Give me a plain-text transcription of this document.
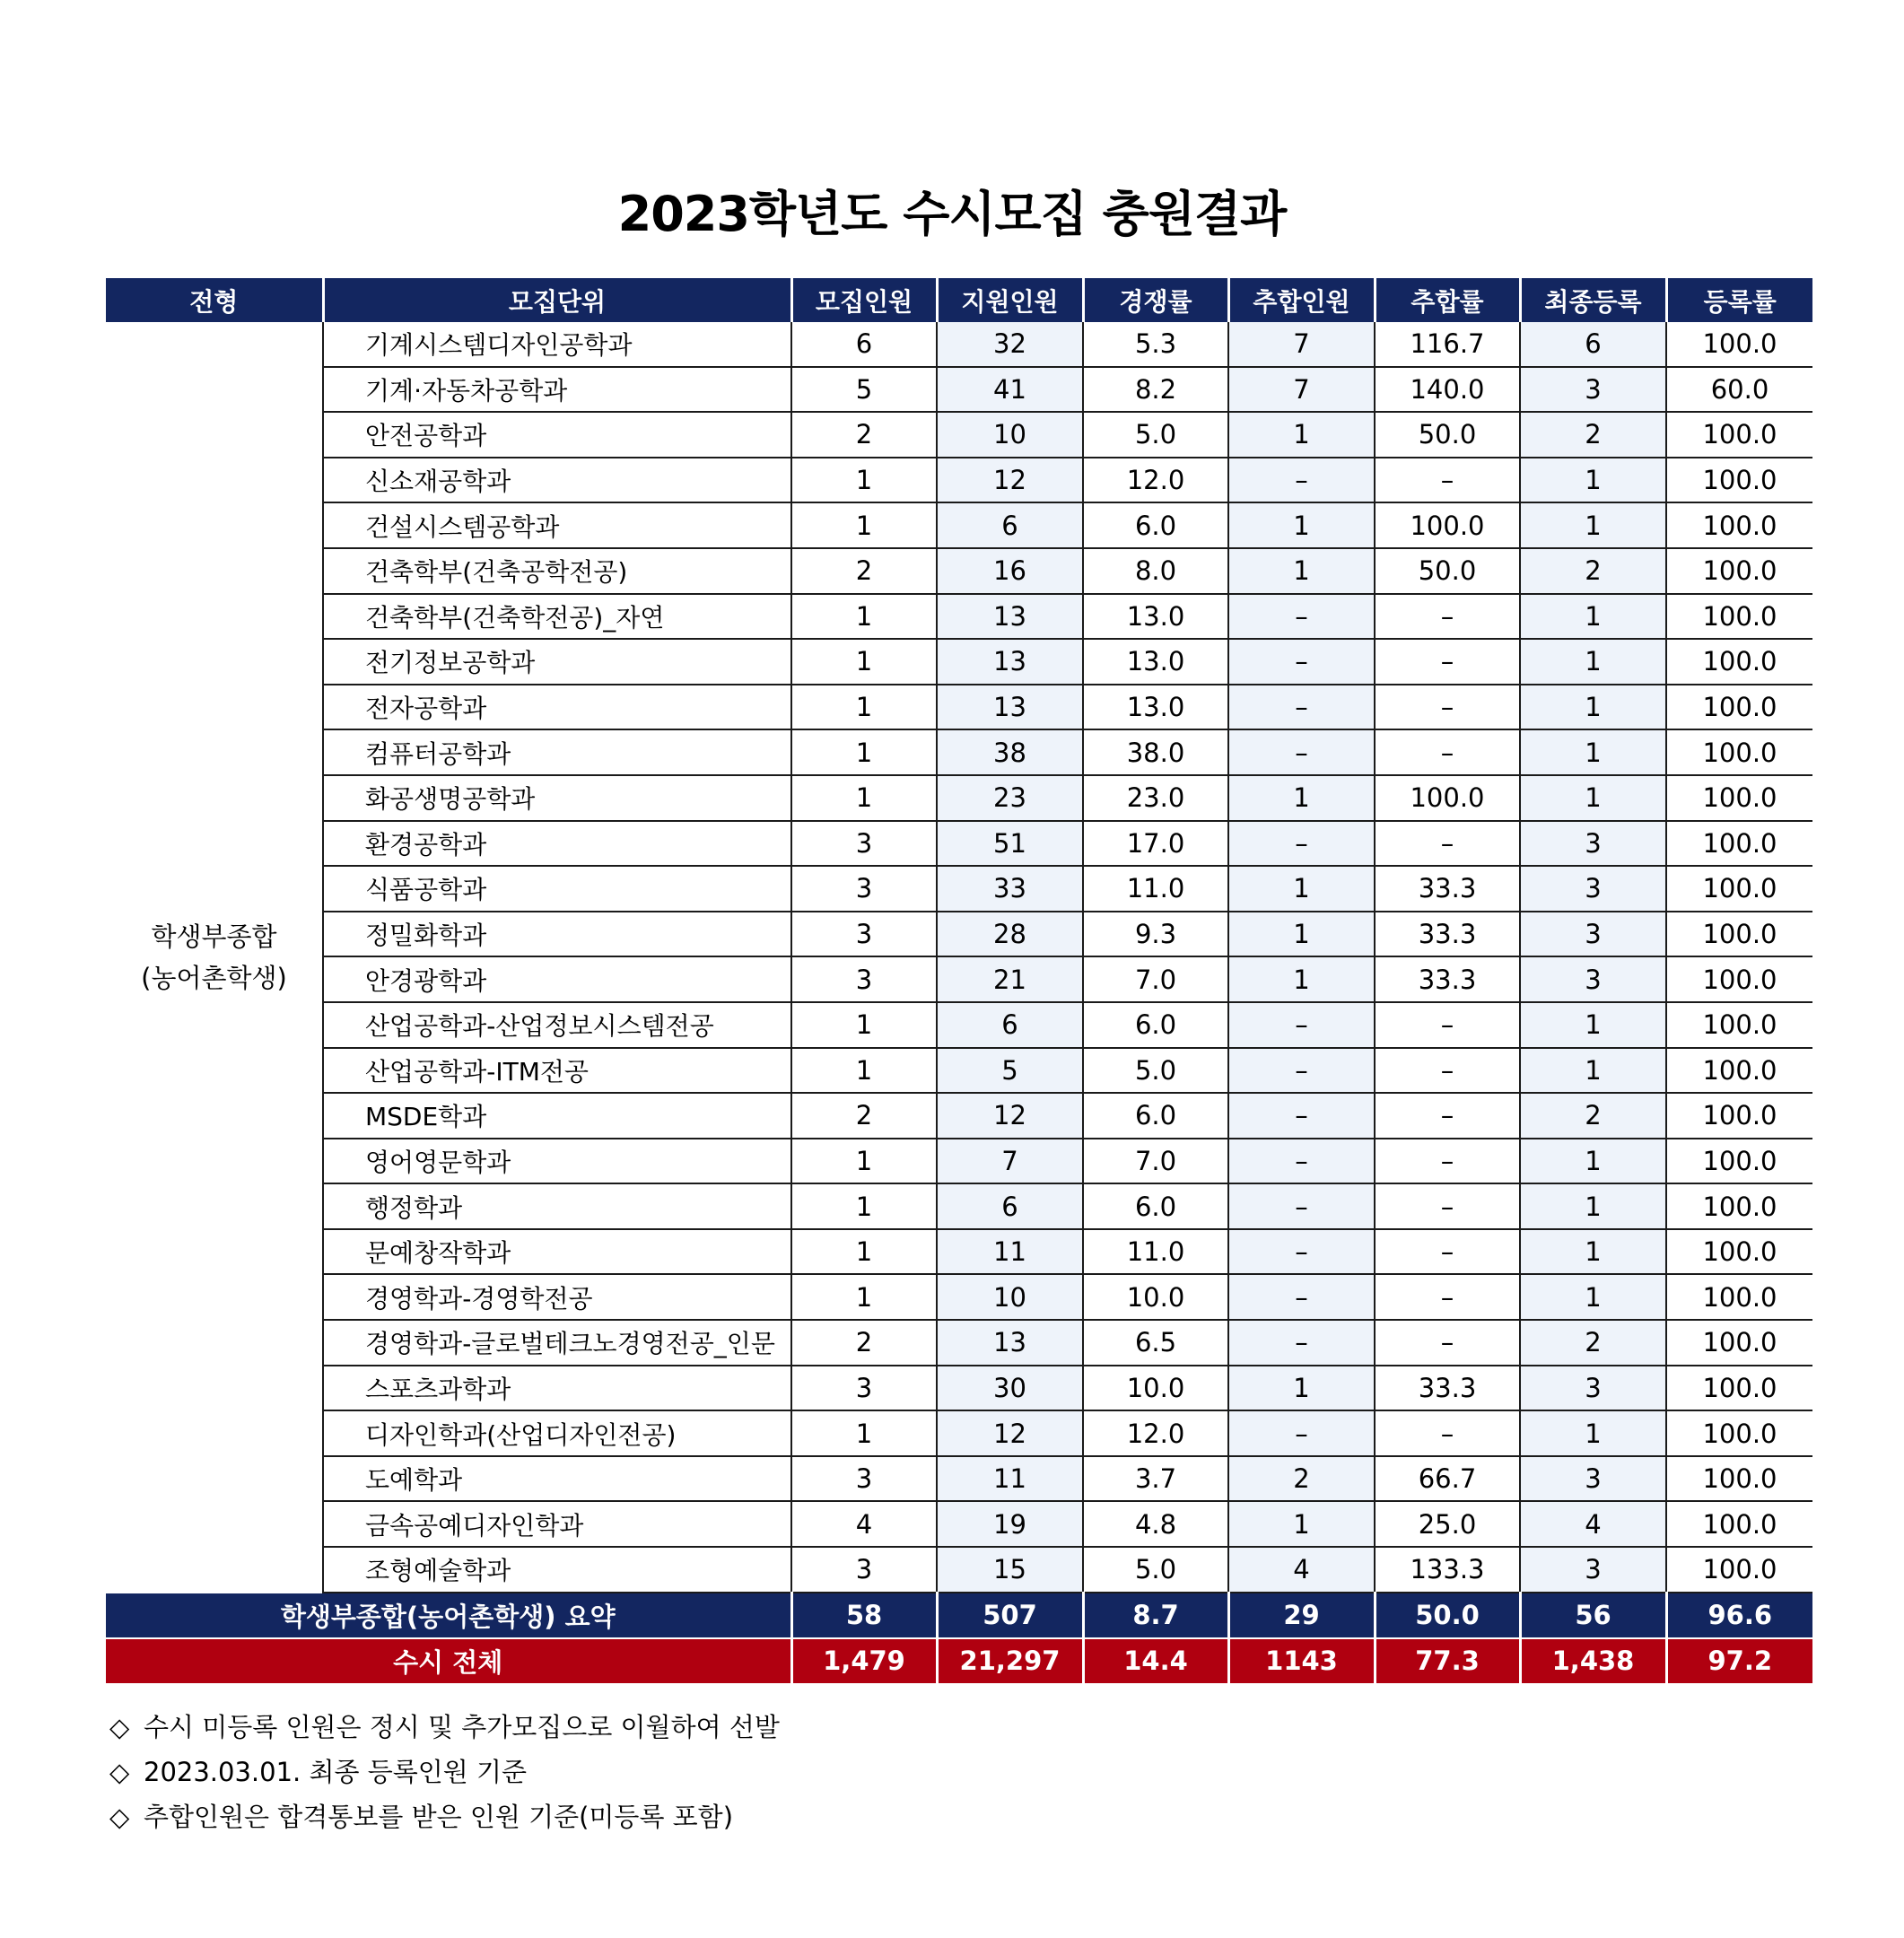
2023학년도 수시모집 충원결과
전형	모집단위	모집인원	지원인원	경쟁률	추합인원	추합률	최종등록	등록률

학생부종합
(농어촌학생)	기계시스템디자인공학과	6	32	5.3	7	116.7	6	100.0
	기계·자동차공학과	5	41	8.2	7	140.0	3	60.0
	안전공학과	2	10	5.0	1	50.0	2	100.0
	신소재공학과	1	12	12.0	–	–	1	100.0
	건설시스템공학과	1	6	6.0	1	100.0	1	100.0
	건축학부(건축공학전공)	2	16	8.0	1	50.0	2	100.0
	건축학부(건축학전공)_자연	1	13	13.0	–	–	1	100.0
	전기정보공학과	1	13	13.0	–	–	1	100.0
	전자공학과	1	13	13.0	–	–	1	100.0
	컴퓨터공학과	1	38	38.0	–	–	1	100.0
	화공생명공학과	1	23	23.0	1	100.0	1	100.0
	환경공학과	3	51	17.0	–	–	3	100.0
	식품공학과	3	33	11.0	1	33.3	3	100.0
	정밀화학과	3	28	9.3	1	33.3	3	100.0
	안경광학과	3	21	7.0	1	33.3	3	100.0
	산업공학과-산업정보시스템전공	1	6	6.0	–	–	1	100.0
	산업공학과-ITM전공	1	5	5.0	–	–	1	100.0
	MSDE학과	2	12	6.0	–	–	2	100.0
	영어영문학과	1	7	7.0	–	–	1	100.0
	행정학과	1	6	6.0	–	–	1	100.0
	문예창작학과	1	11	11.0	–	–	1	100.0
	경영학과-경영학전공	1	10	10.0	–	–	1	100.0
	경영학과-글로벌테크노경영전공_인문	2	13	6.5	–	–	2	100.0
	스포츠과학과	3	30	10.0	1	33.3	3	100.0
	디자인학과(산업디자인전공)	1	12	12.0	–	–	1	100.0
	도예학과	3	11	3.7	2	66.7	3	100.0
	금속공예디자인학과	4	19	4.8	1	25.0	4	100.0
	조형예술학과	3	15	5.0	4	133.3	3	100.0
학생부종합(농어촌학생) 요약		58	507	8.7	29	50.0	56	96.6
수시 전체		1,479	21,297	14.4	1143	77.3	1,438	97.2
◇ 수시 미등록 인원은 정시 및 추가모집으로 이월하여 선발
◇ 2023.03.01. 최종 등록인원 기준
◇ 추합인원은 합격통보를 받은 인원 기준(미등록 포함)
